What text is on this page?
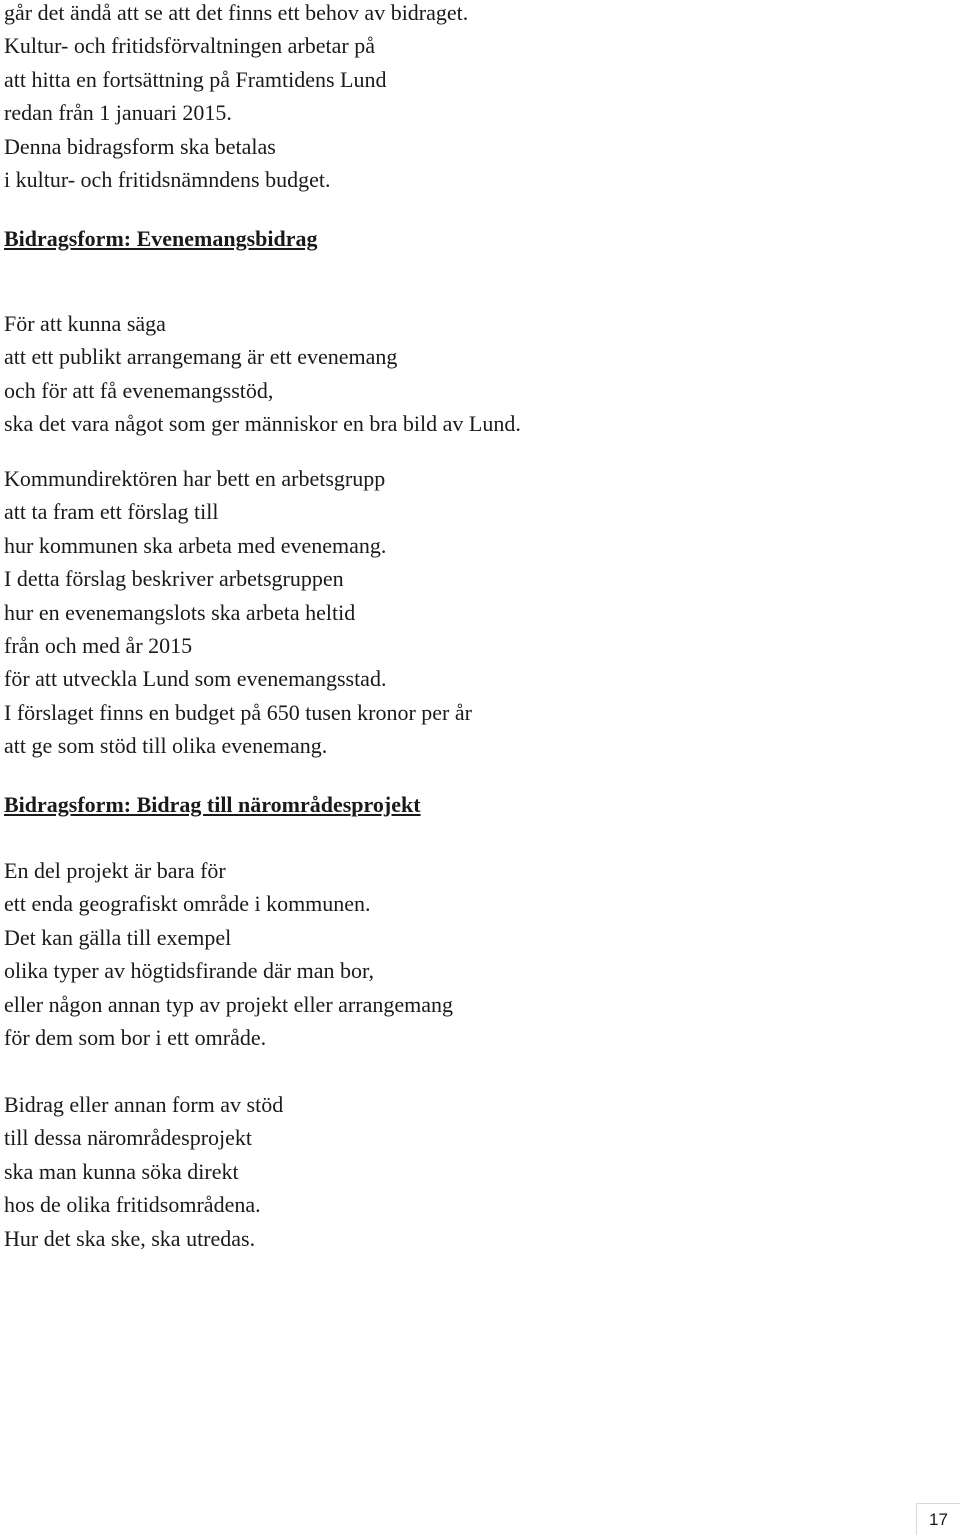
går det ändå att se att det finns ett behov av bidraget.
Kultur- och fritidsförvaltningen arbetar på
att hitta en fortsättning på Framtidens Lund
redan från 1 januari 2015.
Denna bidragsform ska betalas
i kultur- och fritidsnämndens budget.
Bidragsform: Evenemangsbidrag
För att kunna säga
att ett publikt arrangemang är ett evenemang
och för att få evenemangsstöd,
ska det vara något som ger människor en bra bild av Lund.
Kommundirektören har bett en arbetsgrupp
att ta fram ett förslag till
hur kommunen ska arbeta med evenemang.
I detta förslag beskriver arbetsgruppen
hur en evenemangslots ska arbeta heltid
från och med år 2015
för att utveckla Lund som evenemangsstad.
I förslaget finns en budget på 650 tusen kronor per år
att ge som stöd till olika evenemang.
Bidragsform: Bidrag till närområdesprojekt
En del projekt är bara för
ett enda geografiskt område i kommunen.
Det kan gälla till exempel
olika typer av högtidsfirande där man bor,
eller någon annan typ av projekt eller arrangemang
för dem som bor i ett område.
Bidrag eller annan form av stöd
till dessa närområdesprojekt
ska man kunna söka direkt
hos de olika fritidsområdena.
Hur det ska ske, ska utredas.
17
